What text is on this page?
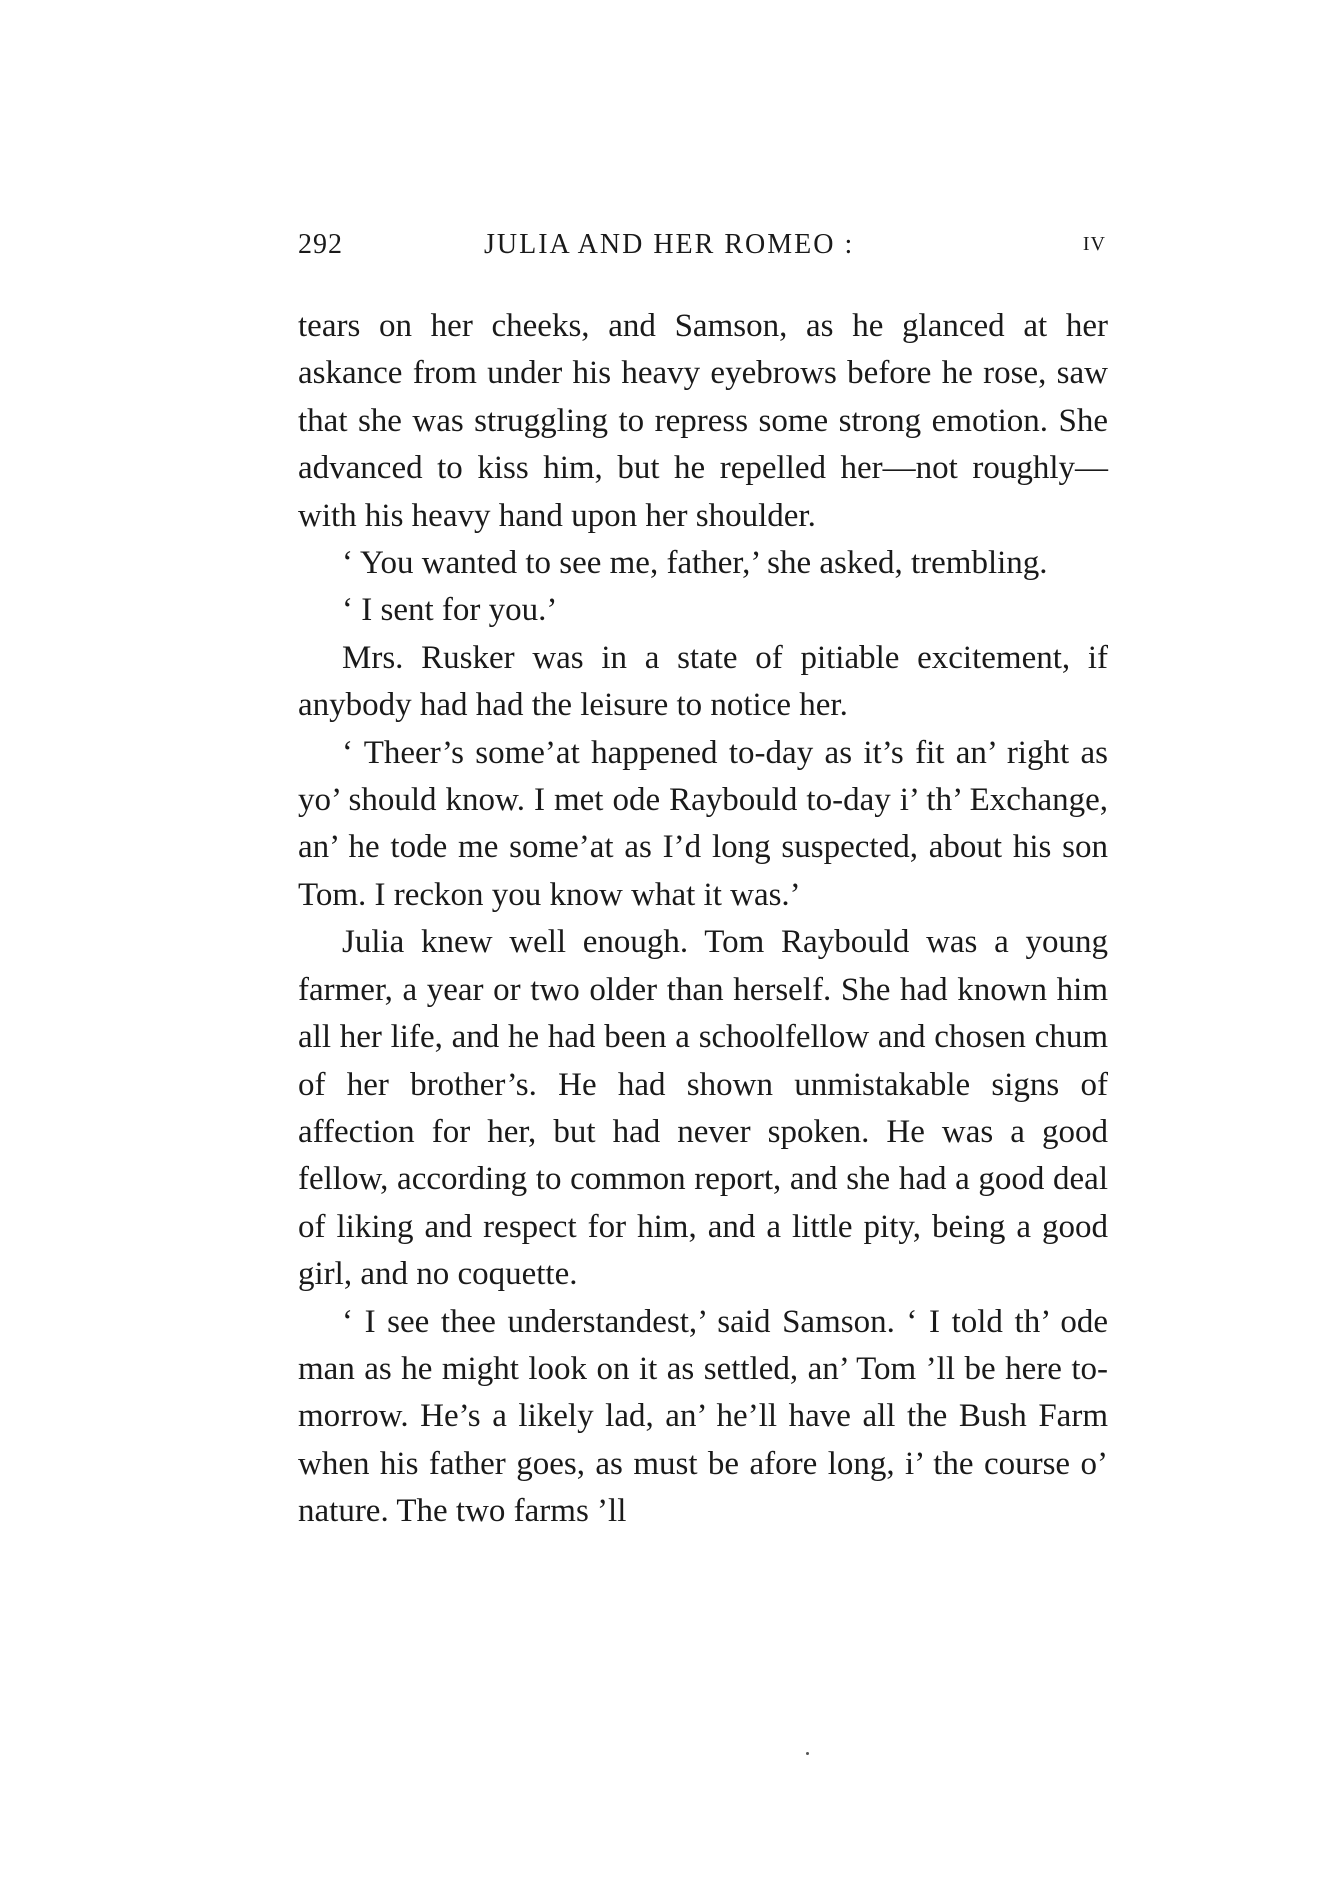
292	JULIA AND HER ROMEO :	IV

tears on her cheeks, and Samson, as he glanced at her askance from under his heavy eyebrows before he rose, saw that she was struggling to repress some strong emotion. She advanced to kiss him, but he repelled her—not roughly—with his heavy hand upon her shoulder.

‘ You wanted to see me, father,’ she asked, trembling.

‘ I sent for you.’

Mrs. Rusker was in a state of pitiable excitement, if anybody had had the leisure to notice her.

‘ Theer’s some’at happened to-day as it’s fit an’ right as yo’ should know. I met ode Raybould to-day i’ th’ Exchange, an’ he tode me some’at as I’d long suspected, about his son Tom. I reckon you know what it was.’

Julia knew well enough. Tom Raybould was a young farmer, a year or two older than herself. She had known him all her life, and he had been a schoolfellow and chosen chum of her brother’s. He had shown unmistakable signs of affection for her, but had never spoken. He was a good fellow, according to common report, and she had a good deal of liking and respect for him, and a little pity, being a good girl, and no coquette.

‘ I see thee understandest,’ said Samson. ‘ I told th’ ode man as he might look on it as settled, an’ Tom ’ll be here to-morrow. He’s a likely lad, an’ he’ll have all the Bush Farm when his father goes, as must be afore long, i’ the course o’ nature. The two farms ’ll
